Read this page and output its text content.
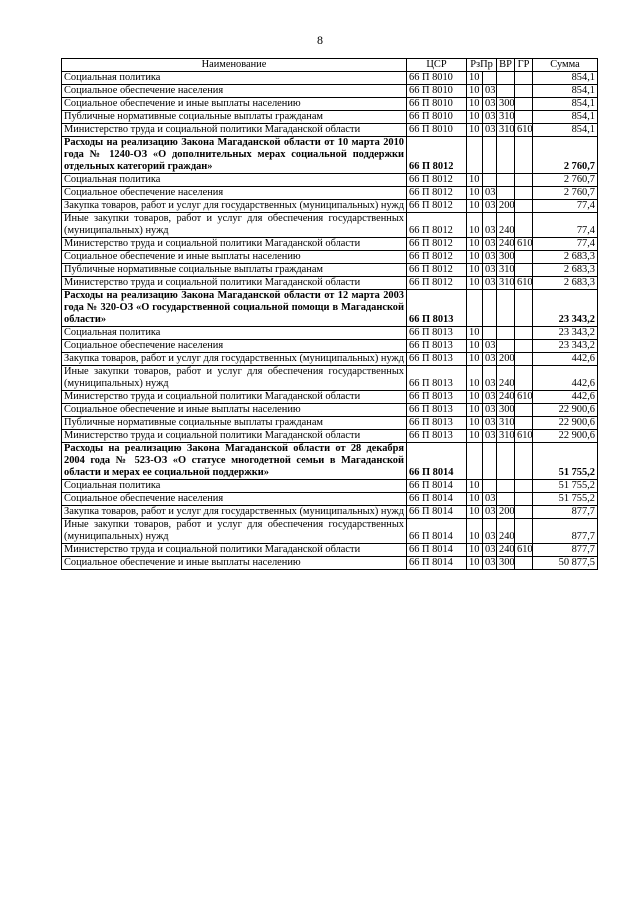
8
Наименование	ЦСР	РзПр		ВР	ГР	Сумма
Социальная политика	66 П 8010	10				854,1
Социальное обеспечение населения	66 П 8010	10	03			854,1
Социальное обеспечение и иные выплаты населению	66 П 8010	10	03	300		854,1
Публичные нормативные социальные выплаты гражданам	66 П 8010	10	03	310		854,1
Министерство труда и социальной политики Магаданской области	66 П 8010	10	03	310	610	854,1
Расходы на реализацию Закона Магаданской области от 10 марта 2010 года № 1240-ОЗ «О дополнительных мерах социальной поддержки отдельных категорий граждан»	66 П 8012					2 760,7
Социальная политика	66 П 8012	10				2 760,7
Социальное обеспечение населения	66 П 8012	10	03			2 760,7
Закупка товаров, работ и услуг для государственных (муниципальных) нужд	66 П 8012	10	03	200		77,4
Иные закупки товаров, работ и услуг для обеспечения государственных (муниципальных) нужд	66 П 8012	10	03	240		77,4
Министерство труда и социальной политики Магаданской области	66 П 8012	10	03	240	610	77,4
Социальное обеспечение и иные выплаты населению	66 П 8012	10	03	300		2 683,3
Публичные нормативные социальные выплаты гражданам	66 П 8012	10	03	310		2 683,3
Министерство труда и социальной политики Магаданской области	66 П 8012	10	03	310	610	2 683,3
Расходы на реализацию Закона Магаданской области от 12 марта 2003 года № 320-ОЗ «О государственной социальной помощи в Магаданской области»	66 П 8013					23 343,2
Социальная политика	66 П 8013	10				23 343,2
Социальное обеспечение населения	66 П 8013	10	03			23 343,2
Закупка товаров, работ и услуг для государственных (муниципальных) нужд	66 П 8013	10	03	200		442,6
Иные закупки товаров, работ и услуг для обеспечения государственных (муниципальных) нужд	66 П 8013	10	03	240		442,6
Министерство труда и социальной политики Магаданской области	66 П 8013	10	03	240	610	442,6
Социальное обеспечение и иные выплаты населению	66 П 8013	10	03	300		22 900,6
Публичные нормативные социальные выплаты гражданам	66 П 8013	10	03	310		22 900,6
Министерство труда и социальной политики Магаданской области	66 П 8013	10	03	310	610	22 900,6
Расходы на реализацию Закона Магаданской области от 28 декабря 2004 года № 523-ОЗ «О статусе многодетной семьи в Магаданской области и мерах ее социальной поддержки»	66 П 8014					51 755,2
Социальная политика	66 П 8014	10				51 755,2
Социальное обеспечение населения	66 П 8014	10	03			51 755,2
Закупка товаров, работ и услуг для государственных (муниципальных) нужд	66 П 8014	10	03	200		877,7
Иные закупки товаров, работ и услуг для обеспечения государственных (муниципальных) нужд	66 П 8014	10	03	240		877,7
Министерство труда и социальной политики Магаданской области	66 П 8014	10	03	240	610	877,7
Социальное обеспечение и иные выплаты населению	66 П 8014	10	03	300		50 877,5
